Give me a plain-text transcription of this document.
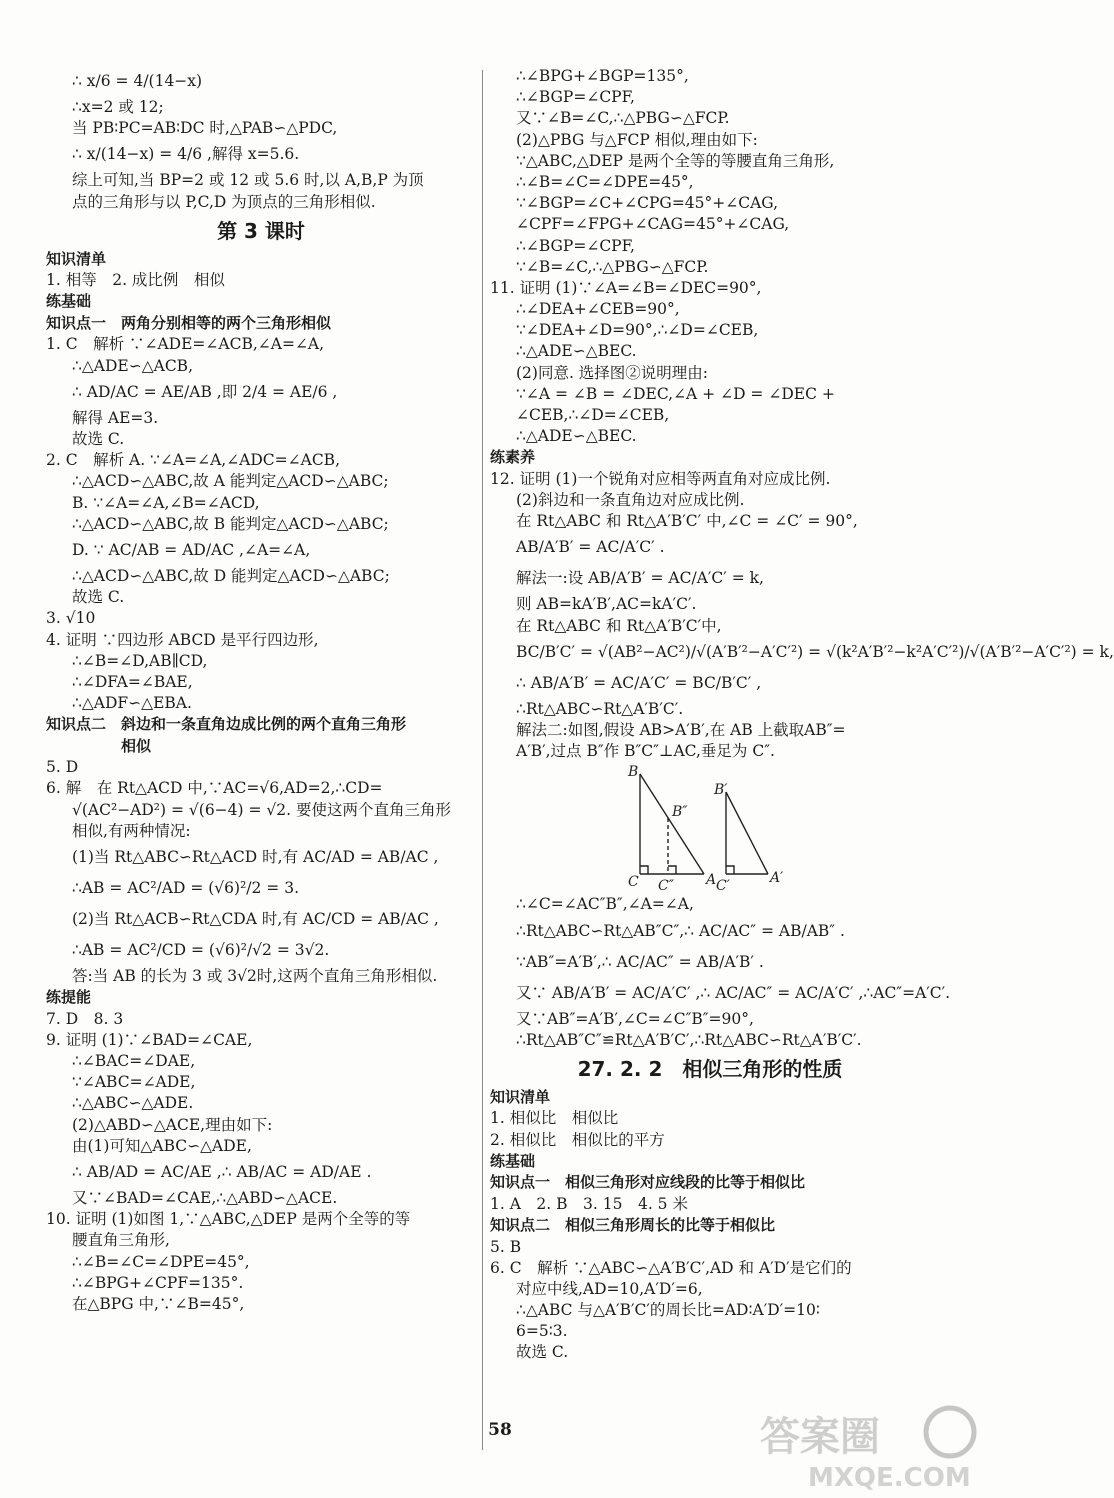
∴ x/6 = 4/(14−x)
∴x=2 或 12;
当 PB∶PC=AB∶DC 时,△PAB∽△PDC,
∴ x/(14−x) = 4/6 ,解得 x=5.6.
综上可知,当 BP=2 或 12 或 5.6 时,以 A,B,P 为顶
点的三角形与以 P,C,D 为顶点的三角形相似.
第 3 课时
知识清单
1. 相等　2. 成比例　相似
练基础
知识点一　两角分别相等的两个三角形相似
1. C　解析 ∵∠ADE=∠ACB,∠A=∠A,
∴△ADE∽△ACB,
∴ AD/AC = AE/AB ,即 2/4 = AE/6 ,
解得 AE=3.
故选 C.
2. C　解析 A. ∵∠A=∠A,∠ADC=∠ACB,
∴△ACD∽△ABC,故 A 能判定△ACD∽△ABC;
B. ∵∠A=∠A,∠B=∠ACD,
∴△ACD∽△ABC,故 B 能判定△ACD∽△ABC;
D. ∵ AC/AB = AD/AC ,∠A=∠A,
∴△ACD∽△ABC,故 D 能判定△ACD∽△ABC;
故选 C.
3. √10
4. 证明 ∵四边形 ABCD 是平行四边形,
∴∠B=∠D,AB∥CD,
∴∠DFA=∠BAE,
∴△ADF∽△EBA.
知识点二　斜边和一条直角边成比例的两个直角三角形
　　　　　相似
5. D
6. 解　在 Rt△ACD 中,∵AC=√6,AD=2,∴CD=
√(AC²−AD²) = √(6−4) = √2. 要使这两个直角三角形
相似,有两种情况:
(1)当 Rt△ABC∽Rt△ACD 时,有 AC/AD = AB/AC ,
∴AB = AC²/AD = (√6)²/2 = 3.
(2)当 Rt△ACB∽Rt△CDA 时,有 AC/CD = AB/AC ,
∴AB = AC²/CD = (√6)²/√2 = 3√2.
答:当 AB 的长为 3 或 3√2时,这两个直角三角形相似.
练提能
7. D　8. 3
9. 证明 (1)∵∠BAD=∠CAE,
∴∠BAC=∠DAE,
∵∠ABC=∠ADE,
∴△ABC∽△ADE.
(2)△ABD∽△ACE,理由如下:
由(1)可知△ABC∽△ADE,
∴ AB/AD = AC/AE ,∴ AB/AC = AD/AE .
又∵∠BAD=∠CAE,∴△ABD∽△ACE.
10. 证明 (1)如图 1,∵△ABC,△DEP 是两个全等的等
腰直角三角形,
∴∠B=∠C=∠DPE=45°,
∴∠BPG+∠CPF=135°.
在△BPG 中,∵∠B=45°,
∴∠BPG+∠BGP=135°,
∴∠BGP=∠CPF,
又∵∠B=∠C,∴△PBG∽△FCP.
(2)△PBG 与△FCP 相似,理由如下:
∵△ABC,△DEP 是两个全等的等腰直角三角形,
∴∠B=∠C=∠DPE=45°,
∵∠BGP=∠C+∠CPG=45°+∠CAG,
∠CPF=∠FPG+∠CAG=45°+∠CAG,
∴∠BGP=∠CPF,
∵∠B=∠C,∴△PBG∽△FCP.
11. 证明 (1)∵∠A=∠B=∠DEC=90°,
∴∠DEA+∠CEB=90°,
∵∠DEA+∠D=90°,∴∠D=∠CEB,
∴△ADE∽△BEC.
(2)同意. 选择图②说明理由:
∵∠A = ∠B = ∠DEC,∠A + ∠D = ∠DEC +
∠CEB,∴∠D=∠CEB,
∴△ADE∽△BEC.
练素养
12. 证明 (1)一个锐角对应相等两直角对应成比例.
(2)斜边和一条直角边对应成比例.
在 Rt△ABC 和 Rt△A′B′C′ 中,∠C = ∠C′ = 90°,
AB/A′B′ = AC/A′C′ .
解法一:设 AB/A′B′ = AC/A′C′ = k,
则 AB=kA′B′,AC=kA′C′.
在 Rt△ABC 和 Rt△A′B′C′中,
BC/B′C′ = √(AB²−AC²)/√(A′B′²−A′C′²) = √(k²A′B′²−k²A′C′²)/√(A′B′²−A′C′²) = k,
∴ AB/A′B′ = AC/A′C′ = BC/B′C′ ,
∴Rt△ABC∽Rt△A′B′C′.
解法二:如图,假设 AB>A′B′,在 AB 上截取AB″=
A′B′,过点 B″作 B″C″⊥AC,垂足为 C″.
B
B″
C C″ A
B′
C′	A′
∴∠C=∠AC″B″,∠A=∠A,
∴Rt△ABC∽Rt△AB″C″,∴ AC/AC″ = AB/AB″ .
∵AB″=A′B′,∴ AC/AC″ = AB/A′B′ .
又∵ AB/A′B′ = AC/A′C′ ,∴ AC/AC″ = AC/A′C′ ,∴AC″=A′C′.
又∵AB″=A′B′,∠C=∠C″B″=90°,
∴Rt△AB″C″≌Rt△A′B′C′,∴Rt△ABC∽Rt△A′B′C′.
27. 2. 2　相似三角形的性质
知识清单
1. 相似比　相似比
2. 相似比　相似比的平方
练基础
知识点一　相似三角形对应线段的比等于相似比
1. A　2. B　3. 15　4. 5 米
知识点二　相似三角形周长的比等于相似比
5. B
6. C　解析 ∵△ABC∽△A′B′C′,AD 和 A′D′是它们的
对应中线,AD=10,A′D′=6,
∴△ABC 与△A′B′C′的周长比=AD∶A′D′=10∶
6=5∶3.
故选 C.
58	答案圈
MXQE.COM
